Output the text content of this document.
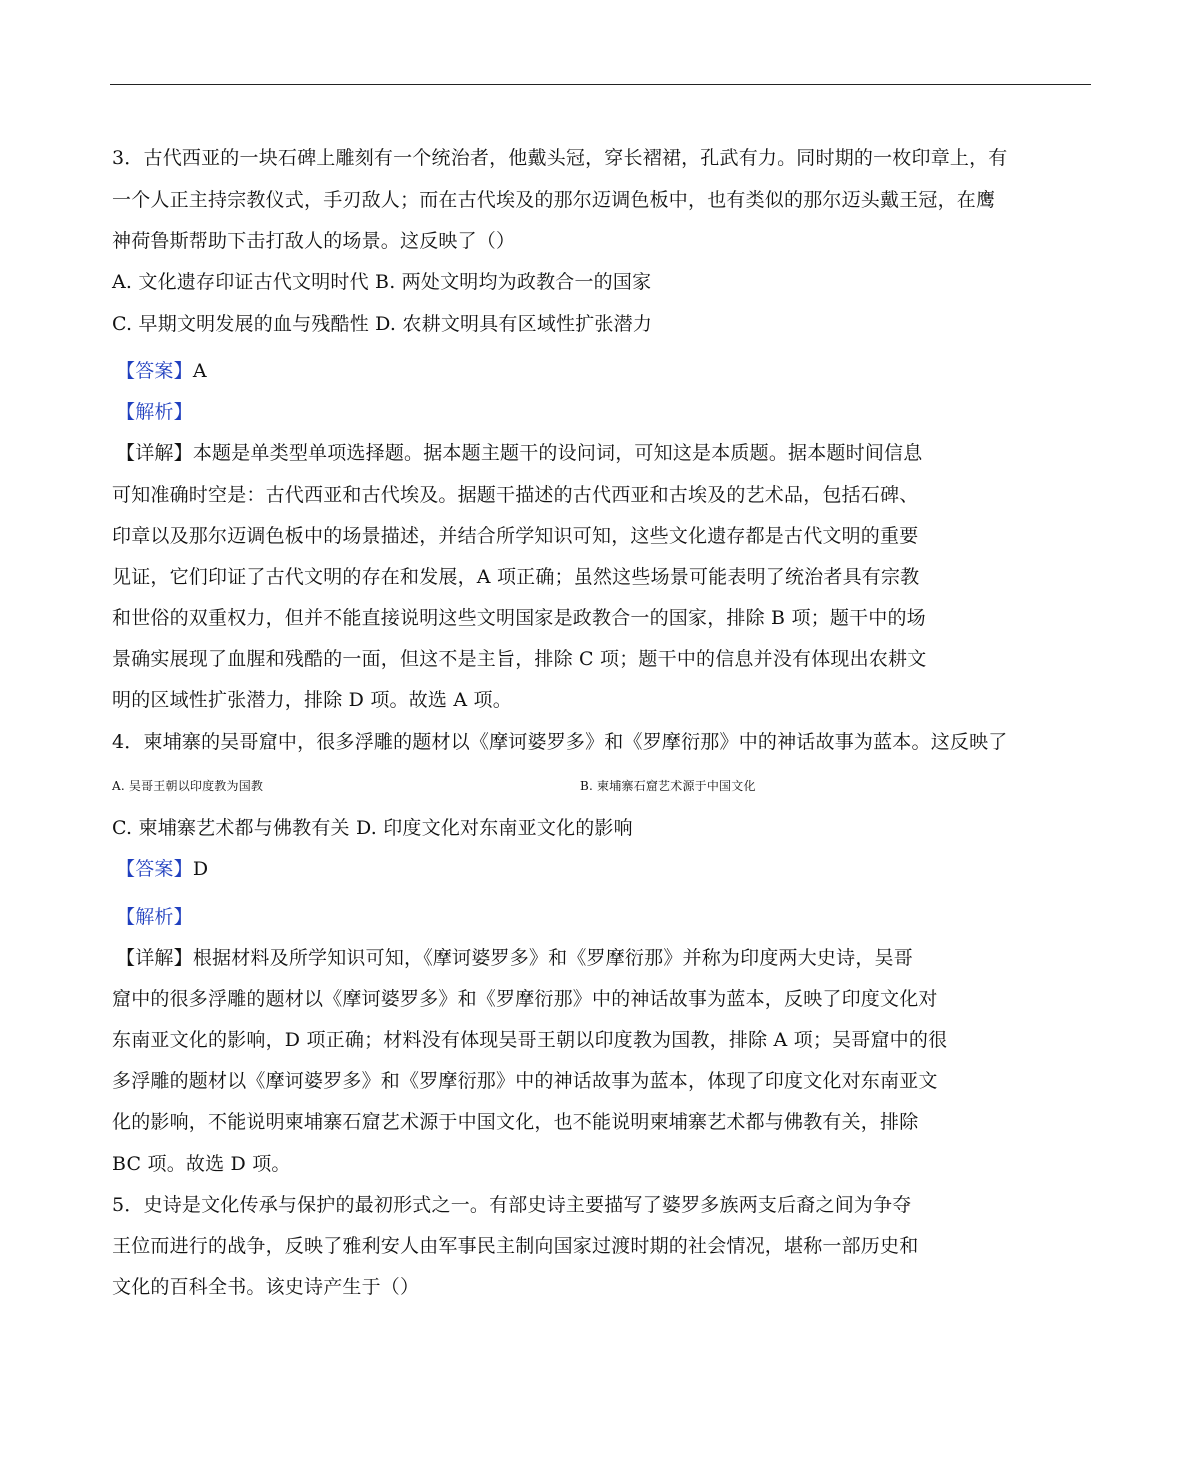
3．古代西亚的一块石碑上雕刻有一个统治者，他戴头冠，穿长褶裙，孔武有力。同时期的一枚印章上，有
一个人正主持宗教仪式，手刃敌人；而在古代埃及的那尔迈调色板中，也有类似的那尔迈头戴王冠，在鹰
神荷鲁斯帮助下击打敌人的场景。这反映了（）
A. 文化遗存印证古代文明时代 B. 两处文明均为政教合一的国家
C. 早期文明发展的血与残酷性 D. 农耕文明具有区域性扩张潜力
【答案】A
【解析】
【详解】本题是单类型单项选择题。据本题主题干的设问词，可知这是本质题。据本题时间信息
可知准确时空是：古代西亚和古代埃及。据题干描述的古代西亚和古埃及的艺术品，包括石碑、
印章以及那尔迈调色板中的场景描述，并结合所学知识可知，这些文化遗存都是古代文明的重要
见证，它们印证了古代文明的存在和发展，A 项正确；虽然这些场景可能表明了统治者具有宗教
和世俗的双重权力，但并不能直接说明这些文明国家是政教合一的国家，排除 B 项；题干中的场
景确实展现了血腥和残酷的一面，但这不是主旨，排除 C 项；题干中的信息并没有体现出农耕文
明的区域性扩张潜力，排除 D 项。故选 A 项。
4．柬埔寨的吴哥窟中，很多浮雕的题材以《摩诃婆罗多》和《罗摩衍那》中的神话故事为蓝本。这反映了
A. 吴哥王朝以印度教为国教	B. 柬埔寨石窟艺术源于中国文化
C. 柬埔寨艺术都与佛教有关 D. 印度文化对东南亚文化的影响
【答案】D
【解析】
【详解】根据材料及所学知识可知，《摩诃婆罗多》和《罗摩衍那》并称为印度两大史诗，吴哥
窟中的很多浮雕的题材以《摩诃婆罗多》和《罗摩衍那》中的神话故事为蓝本，反映了印度文化对
东南亚文化的影响，D 项正确；材料没有体现吴哥王朝以印度教为国教，排除 A 项；吴哥窟中的很
多浮雕的题材以《摩诃婆罗多》和《罗摩衍那》中的神话故事为蓝本，体现了印度文化对东南亚文
化的影响，不能说明柬埔寨石窟艺术源于中国文化，也不能说明柬埔寨艺术都与佛教有关，排除
BC 项。故选 D 项。
5．史诗是文化传承与保护的最初形式之一。有部史诗主要描写了婆罗多族两支后裔之间为争夺
王位而进行的战争，反映了雅利安人由军事民主制向国家过渡时期的社会情况，堪称一部历史和
文化的百科全书。该史诗产生于（）
